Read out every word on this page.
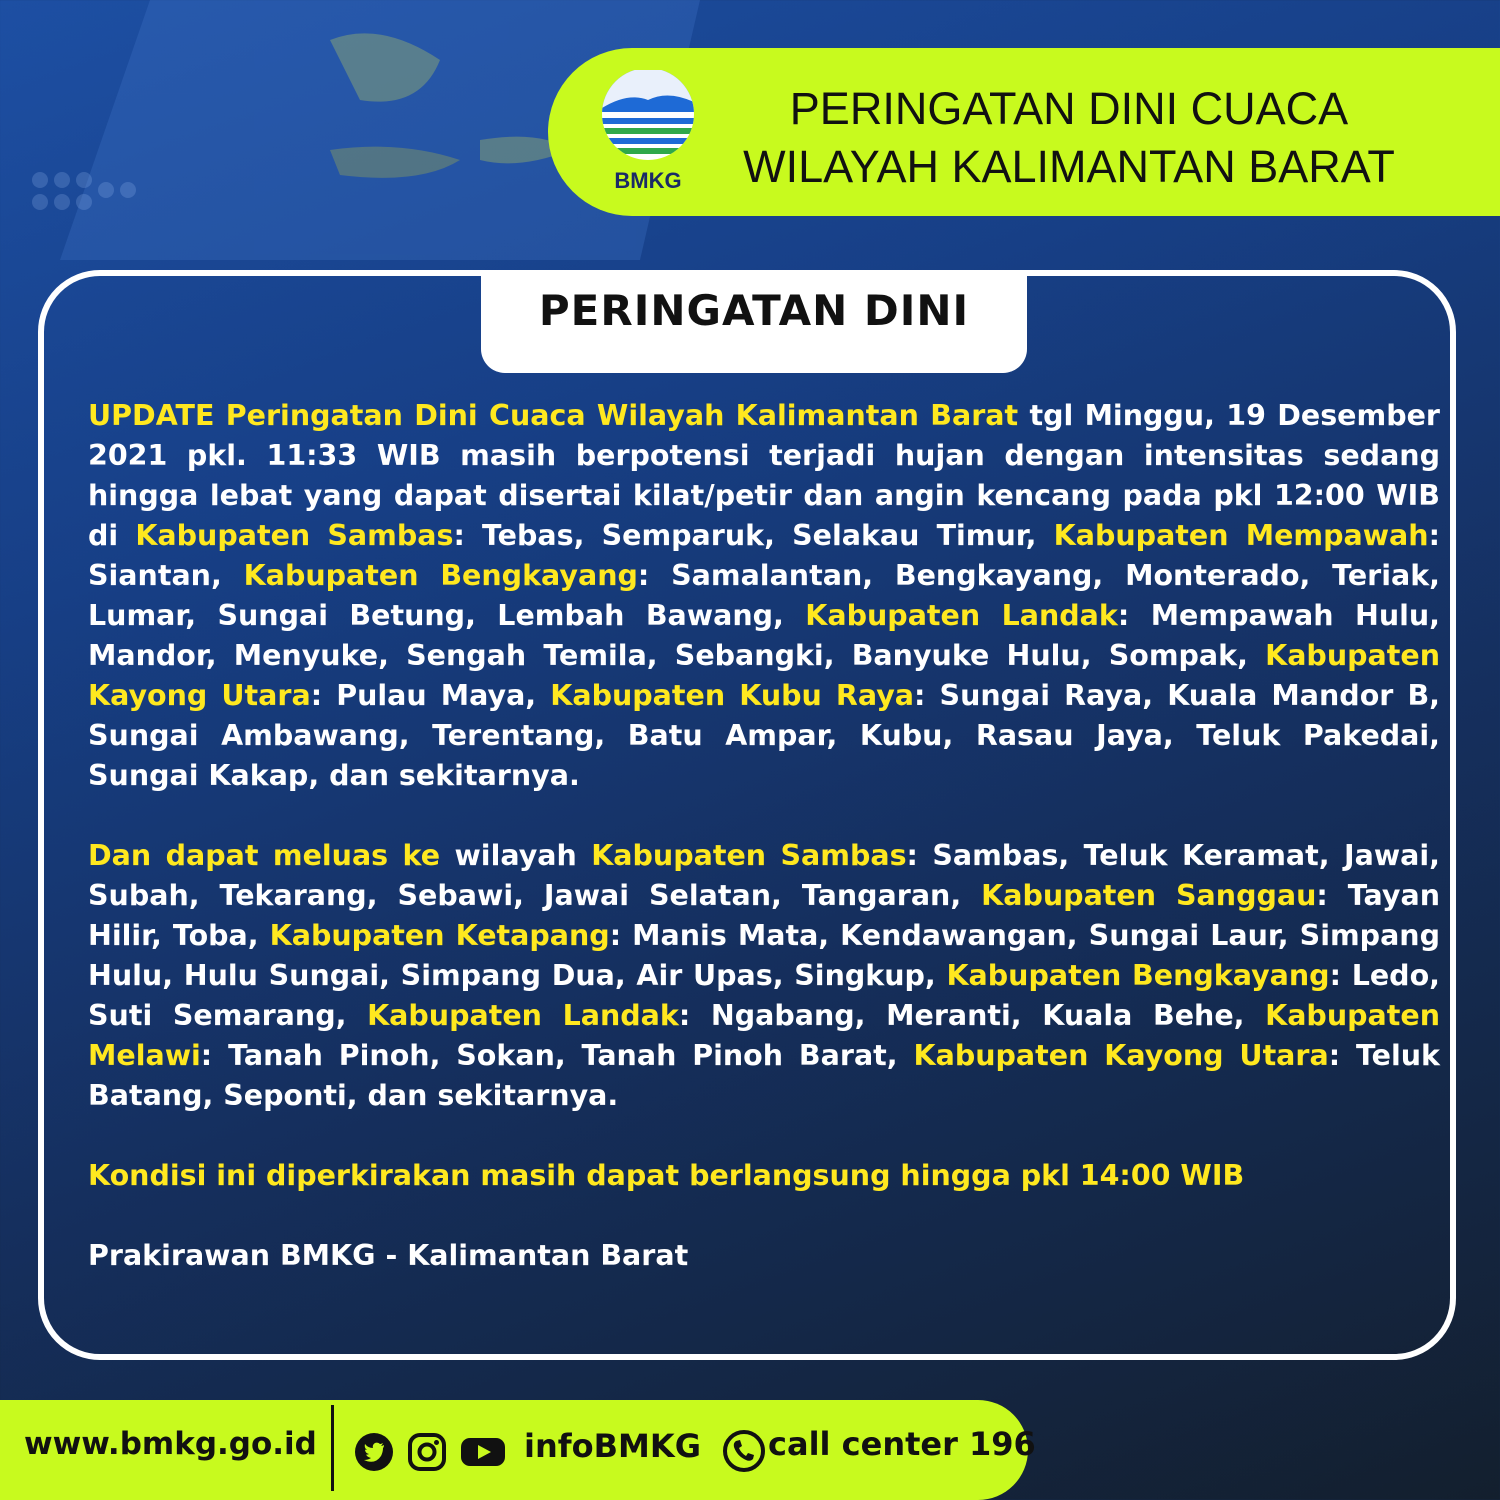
BMKG
PERINGATAN DINI CUACA
WILAYAH KALIMANTAN BARAT
PERINGATAN DINI

UPDATE Peringatan Dini Cuaca Wilayah Kalimantan Barat tgl Minggu, 19 Desember 2021 pkl. 11:33 WIB masih berpotensi terjadi hujan dengan intensitas sedang hingga lebat yang dapat disertai kilat/petir dan angin kencang pada pkl 12:00 WIB di Kabupaten Sambas: Tebas, Semparuk, Selakau Timur, Kabupaten Mempawah: Siantan, Kabupaten Bengkayang: Samalantan, Bengkayang, Monterado, Teriak, Lumar, Sungai Betung, Lembah Bawang, Kabupaten Landak: Mempawah Hulu, Mandor, Menyuke, Sengah Temila, Sebangki, Banyuke Hulu, Sompak, Kabupaten Kayong Utara: Pulau Maya, Kabupaten Kubu Raya: Sungai Raya, Kuala Mandor B, Sungai Ambawang, Terentang, Batu Ampar, Kubu, Rasau Jaya, Teluk Pakedai, Sungai Kakap, dan sekitarnya.

Dan dapat meluas ke wilayah Kabupaten Sambas: Sambas, Teluk Keramat, Jawai, Subah, Tekarang, Sebawi, Jawai Selatan, Tangaran, Kabupaten Sanggau: Tayan Hilir, Toba, Kabupaten Ketapang: Manis Mata, Kendawangan, Sungai Laur, Simpang Hulu, Hulu Sungai, Simpang Dua, Air Upas, Singkup, Kabupaten Bengkayang: Ledo, Suti Semarang, Kabupaten Landak: Ngabang, Meranti, Kuala Behe, Kabupaten Melawi: Tanah Pinoh, Sokan, Tanah Pinoh Barat, Kabupaten Kayong Utara: Teluk Batang, Seponti, dan sekitarnya.

Kondisi ini diperkirakan masih dapat berlangsung hingga pkl 14:00 WIB

Prakirawan BMKG - Kalimantan Barat

www.bmkg.go.id	infoBMKG call center 196
